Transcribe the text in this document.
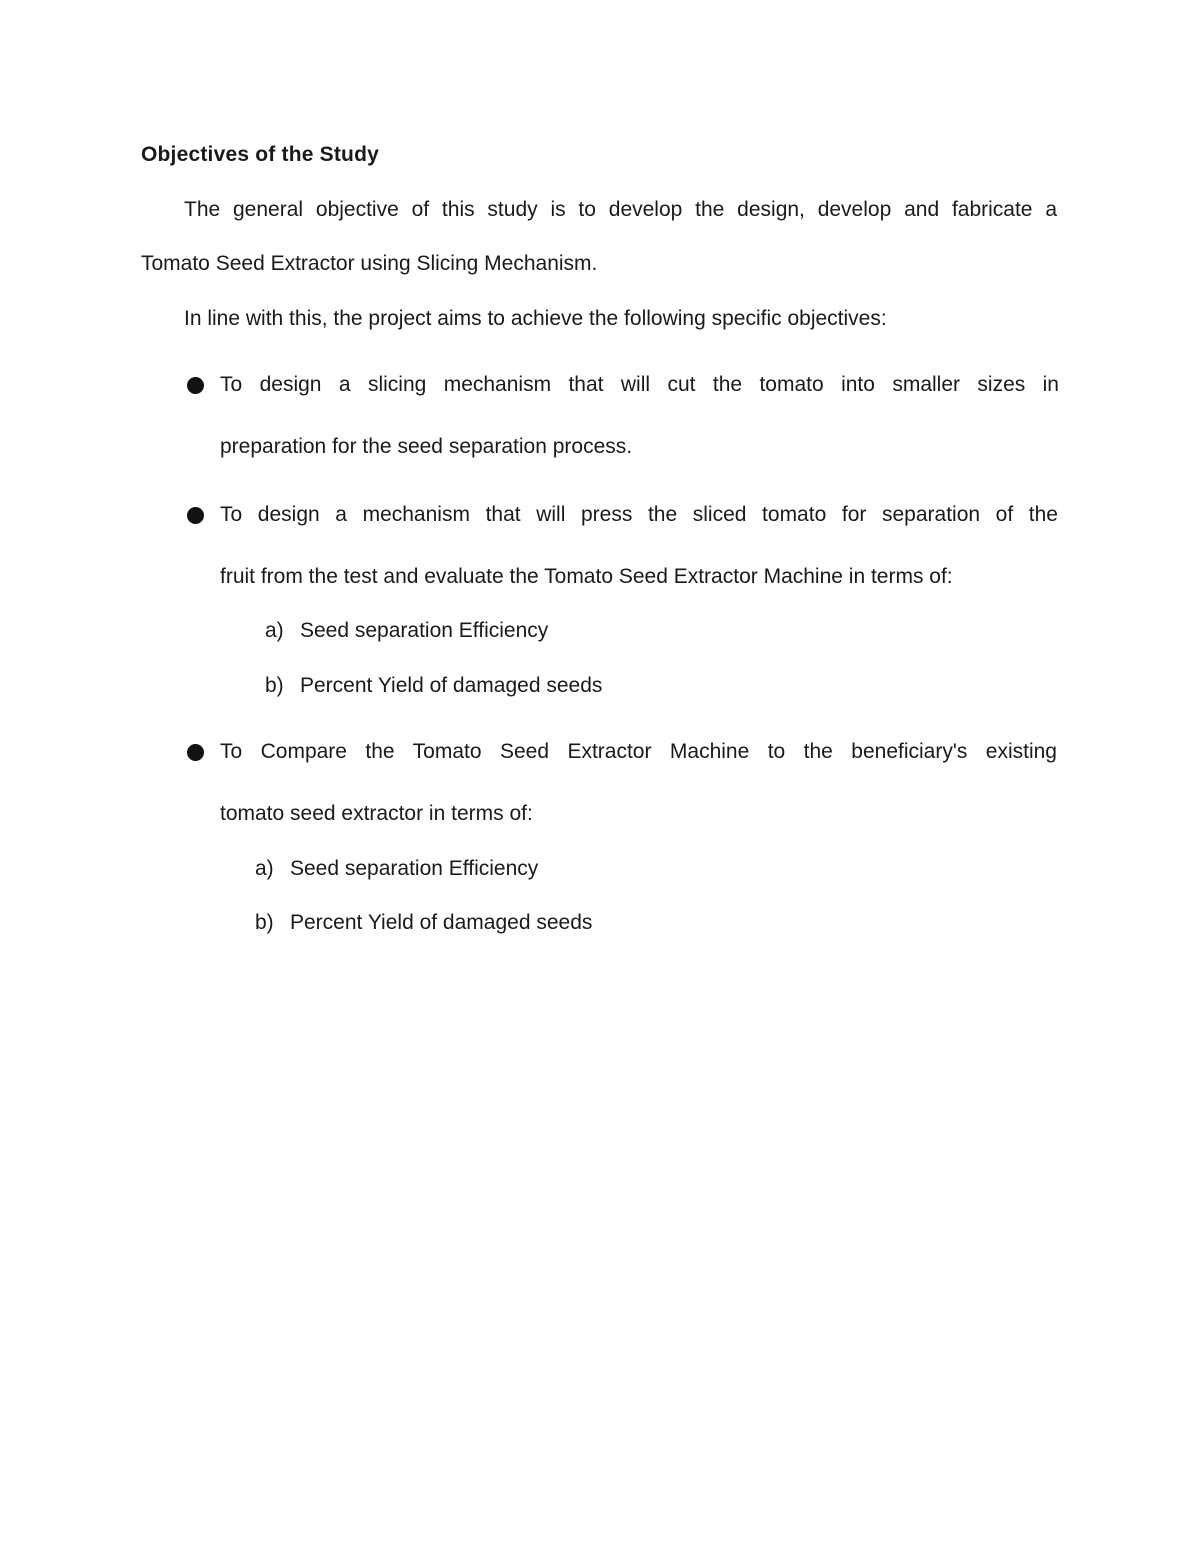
Objectives of the Study
The general objective of this study is to develop the design, develop and fabricate a
Tomato Seed Extractor using Slicing Mechanism.
In line with this, the project aims to achieve the following specific objectives:
To design a slicing mechanism that will cut the tomato into smaller sizes in
preparation for the seed separation process.
To design a mechanism that will press the sliced tomato for separation of the
fruit from the test and evaluate the Tomato Seed Extractor Machine in terms of:
a) Seed separation Efficiency
b) Percent Yield of damaged seeds
To Compare the Tomato Seed Extractor Machine to the beneficiary's existing
tomato seed extractor in terms of:
a) Seed separation Efficiency
b) Percent Yield of damaged seeds
